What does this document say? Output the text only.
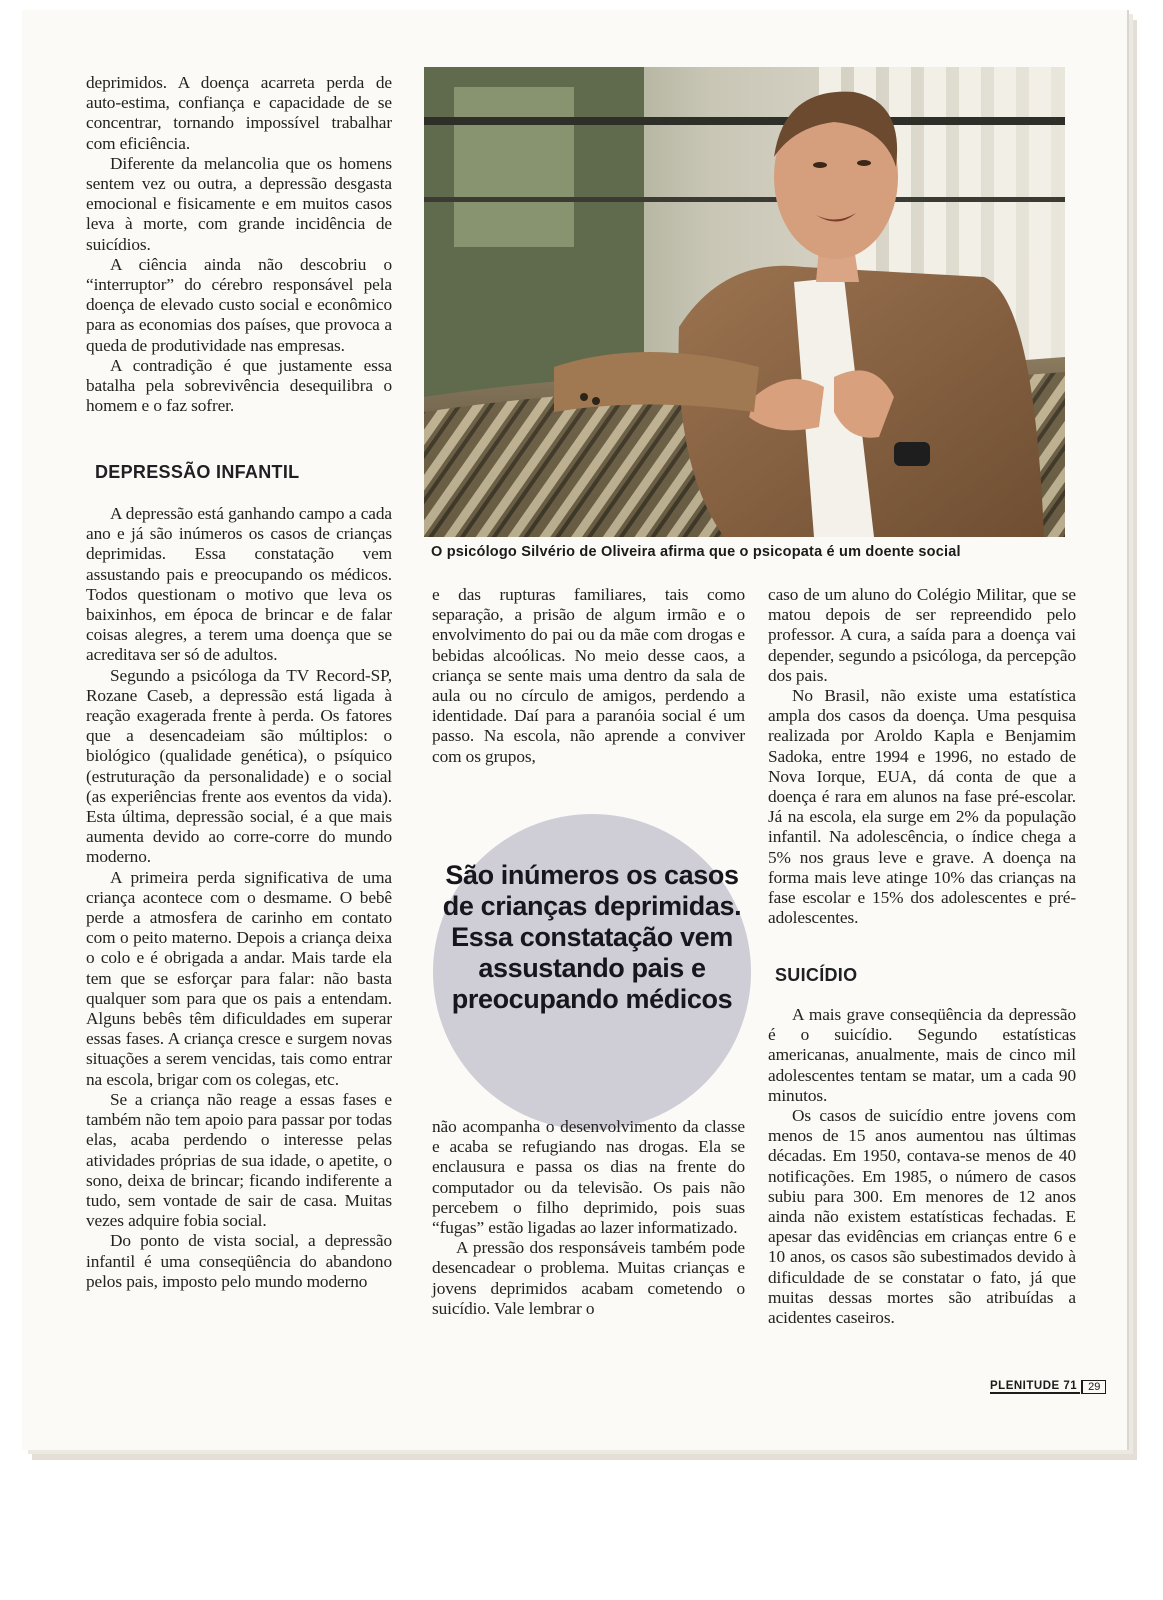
deprimidos. A doença acarreta perda de auto-estima, confiança e capacidade de se concentrar, tornando impossível trabalhar com eficiência.

Diferente da melancolia que os homens sentem vez ou outra, a depressão desgasta emocional e fisicamente e em muitos casos leva à morte, com grande incidência de suicídios.

A ciência ainda não descobriu o “interruptor” do cérebro responsável pela doença de elevado custo social e econômico para as economias dos países, que provoca a queda de produtividade nas empresas.

A contradição é que justamente essa batalha pela sobrevivência desequilibra o homem e o faz sofrer.

DEPRESSÃO INFANTIL

A depressão está ganhando campo a cada ano e já são inúmeros os casos de crianças deprimidas. Essa constatação vem assustando pais e preocupando os médicos. Todos questionam o motivo que leva os baixinhos, em época de brincar e de falar coisas alegres, a terem uma doença que se acreditava ser só de adultos.

Segundo a psicóloga da TV Record-SP, Rozane Caseb, a depressão está ligada à reação exagerada frente à perda. Os fatores que a desencadeiam são múltiplos: o biológico (qualidade genética), o psíquico (estruturação da personalidade) e o social (as experiências frente aos eventos da vida). Esta última, depressão social, é a que mais aumenta devido ao corre-corre do mundo moderno.

A primeira perda significativa de uma criança acontece com o desmame. O bebê perde a atmosfera de carinho em contato com o peito materno. Depois a criança deixa o colo e é obrigada a andar. Mais tarde ela tem que se esforçar para falar: não basta qualquer som para que os pais a entendam. Alguns bebês têm dificuldades em superar essas fases. A criança cresce e surgem novas situações a serem vencidas, tais como entrar na escola, brigar com os colegas, etc.

Se a criança não reage a essas fases e também não tem apoio para passar por todas elas, acaba perdendo o interesse pelas atividades próprias de sua idade, o apetite, o sono, deixa de brincar; ficando indiferente a tudo, sem vontade de sair de casa. Muitas vezes adquire fobia social.

Do ponto de vista social, a depressão infantil é uma conseqüência do abandono pelos pais, imposto pelo mundo moderno

O psicólogo Silvério de Oliveira afirma que o psicopata é um doente social

e das rupturas familiares, tais como separação, a prisão de algum irmão e o envolvimento do pai ou da mãe com drogas e bebidas alcoólicas. No meio desse caos, a criança se sente mais uma dentro da sala de aula ou no círculo de amigos, perdendo a identidade. Daí para a paranóia social é um passo. Na escola, não aprende a conviver com os grupos,

São inúmeros os casos de crianças deprimidas. Essa constatação vem assustando pais e preocupando médicos

não acompanha o desenvolvimento da classe e acaba se refugiando nas drogas. Ela se enclausura e passa os dias na frente do computador ou da televisão. Os pais não percebem o filho deprimido, pois suas “fugas” estão ligadas ao lazer informatizado.

A pressão dos responsáveis também pode desencadear o problema. Muitas crianças e jovens deprimidos acabam cometendo o suicídio. Vale lembrar o

caso de um aluno do Colégio Militar, que se matou depois de ser repreendido pelo professor. A cura, a saída para a doença vai depender, segundo a psicóloga, da percepção dos pais.

No Brasil, não existe uma estatística ampla dos casos da doença. Uma pesquisa realizada por Aroldo Kapla e Benjamim Sadoka, entre 1994 e 1996, no estado de Nova Iorque, EUA, dá conta de que a doença é rara em alunos na fase pré-escolar. Já na escola, ela surge em 2% da população infantil. Na adolescência, o índice chega a 5% nos graus leve e grave. A doença na forma mais leve atinge 10% das crianças na fase escolar e 15% dos adolescentes e pré-adolescentes.

SUICÍDIO

A mais grave conseqüência da depressão é o suicídio. Segundo estatísticas americanas, anualmente, mais de cinco mil adolescentes tentam se matar, um a cada 90 minutos.

Os casos de suicídio entre jovens com menos de 15 anos aumentou nas últimas décadas. Em 1950, contava-se menos de 40 notificações. Em 1985, o número de casos subiu para 300. Em menores de 12 anos ainda não existem estatísticas fechadas. E apesar das evidências em crianças entre 6 e 10 anos, os casos são subestimados devido à dificuldade de se constatar o fato, já que muitas dessas mortes são atribuídas a acidentes caseiros.

PLENITUDE 71	29
